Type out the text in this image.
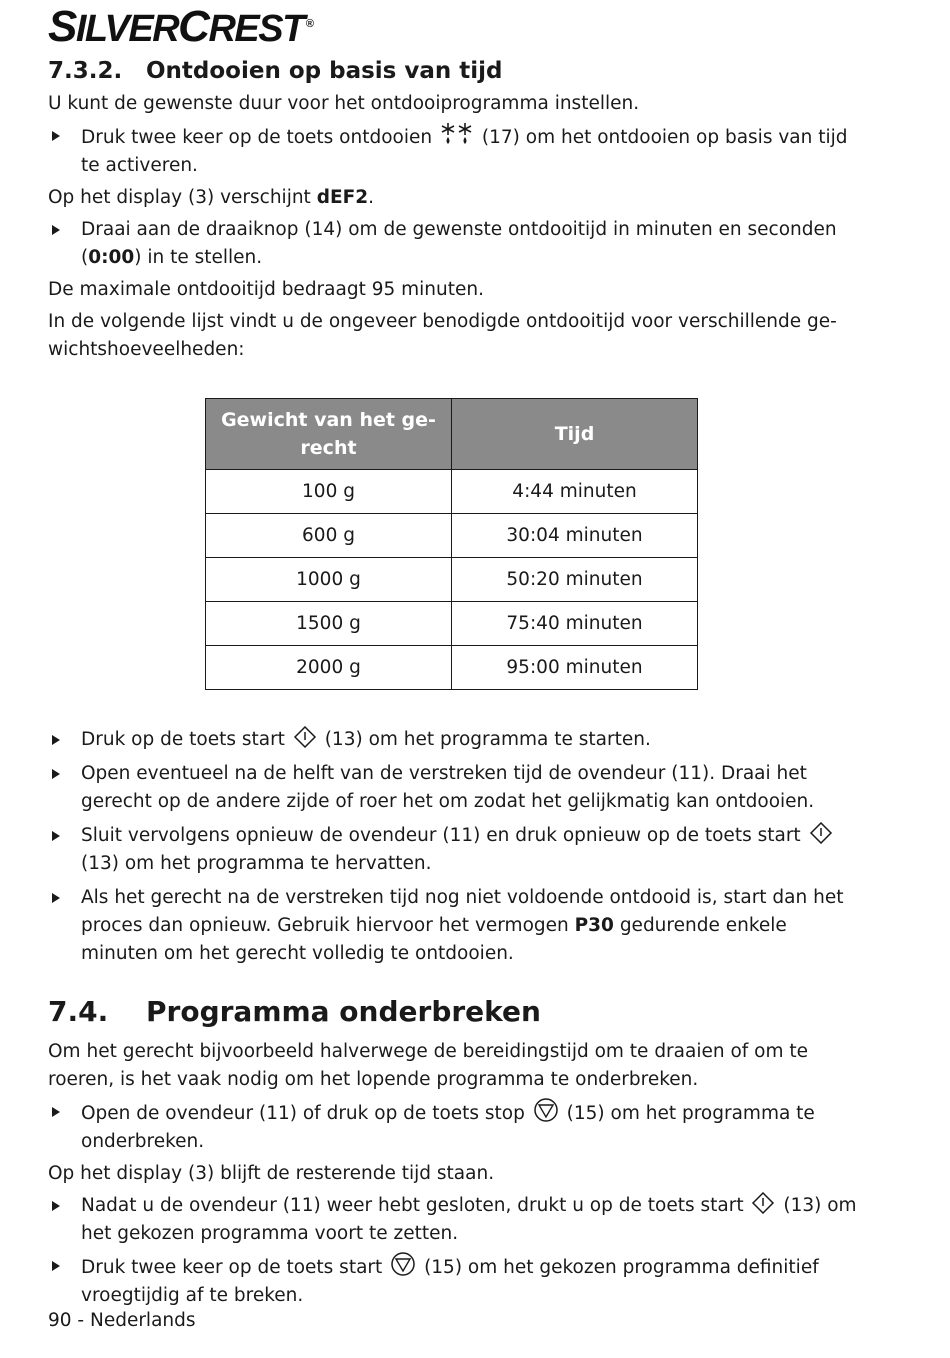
SILVERCREST ®
7.3.2. Ontdooien op basis van tijd

U kunt de gewenste duur voor het ontdooiprogramma instellen.

Druk twee keer op de toets ontdooien	(17) om het ontdooien op basis van tijd te activeren.

Op het display (3) verschijnt dEF2.

Draai aan de draaiknop (14) om de gewenste ontdooitijd in minuten en seconden (0:00) in te stellen.

De maximale ontdooitijd bedraagt 95 minuten.

In de volgende lijst vindt u de ongeveer benodigde ontdooitijd voor verschillende gewichtshoeveelheden:

Gewicht van het gerecht	Tijd
100 g	4:44 minuten
600 g	30:04 minuten
1000 g	50:20 minuten
1500 g	75:40 minuten
2000 g	95:00 minuten

Druk op de toets start (13) om het programma te starten.

Open eventueel na de helft van de verstreken tijd de ovendeur (11). Draai het gerecht op de andere zijde of roer het om zodat het gelijkmatig kan ontdooien.

Sluit vervolgens opnieuw de ovendeur (11) en druk opnieuw op de toets start  (13) om het programma te hervatten.

Als het gerecht na de verstreken tijd nog niet voldoende ontdooid is, start dan het proces dan opnieuw. Gebruik hiervoor het vermogen P30 gedurende enkele minuten om het gerecht volledig te ontdooien.

7.4. Programma onderbreken

Om het gerecht bijvoorbeeld halverwege de bereidingstijd om te draaien of om te roeren, is het vaak nodig om het lopende programma te onderbreken.

Open de ovendeur (11) of druk op de toets stop (15) om het programma te onderbreken.

Op het display (3) blijft de resterende tijd staan.

Nadat u de ovendeur (11) weer hebt gesloten, drukt u op de toets start (13) om het gekozen programma voort te zetten.

Druk twee keer op de toets start (15) om het gekozen programma definitief vroegtijdig af te breken.

90 - Nederlands
